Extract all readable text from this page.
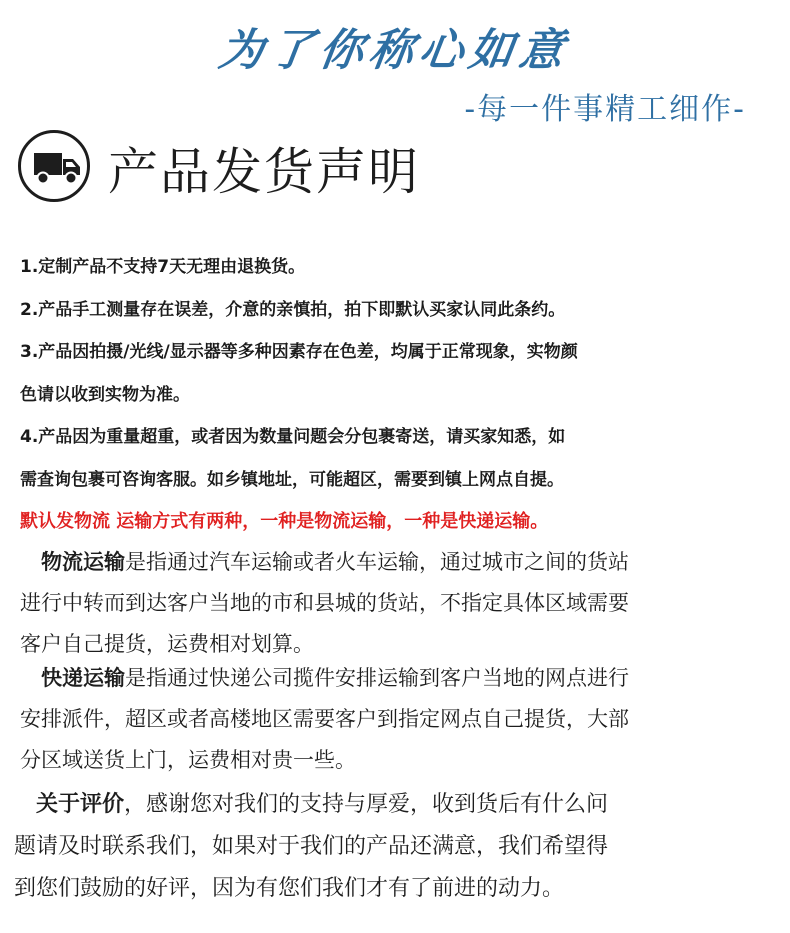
为了你称心如意
-每一件事精工细作-
产品发货声明
1.定制产品不支持7天无理由退换货。
2.产品手工测量存在误差，介意的亲慎拍，拍下即默认买家认同此条约。
3.产品因拍摄/光线/显示器等多种因素存在色差，均属于正常现象，实物颜
色请以收到实物为准。
4.产品因为重量超重，或者因为数量问题会分包裹寄送，请买家知悉，如
需查询包裹可咨询客服。如乡镇地址，可能超区，需要到镇上网点自提。
默认发物流 运输方式有两种，一种是物流运输，一种是快递运输。
　物流运输是指通过汽车运输或者火车运输，通过城市之间的货站
进行中转而到达客户当地的市和县城的货站，不指定具体区域需要
客户自己提货，运费相对划算。
　快递运输是指通过快递公司揽件安排运输到客户当地的网点进行
安排派件，超区或者高楼地区需要客户到指定网点自己提货，大部
分区域送货上门，运费相对贵一些。
　关于评价，感谢您对我们的支持与厚爱，收到货后有什么问
题请及时联系我们，如果对于我们的产品还满意，我们希望得
到您们鼓励的好评，因为有您们我们才有了前进的动力。
